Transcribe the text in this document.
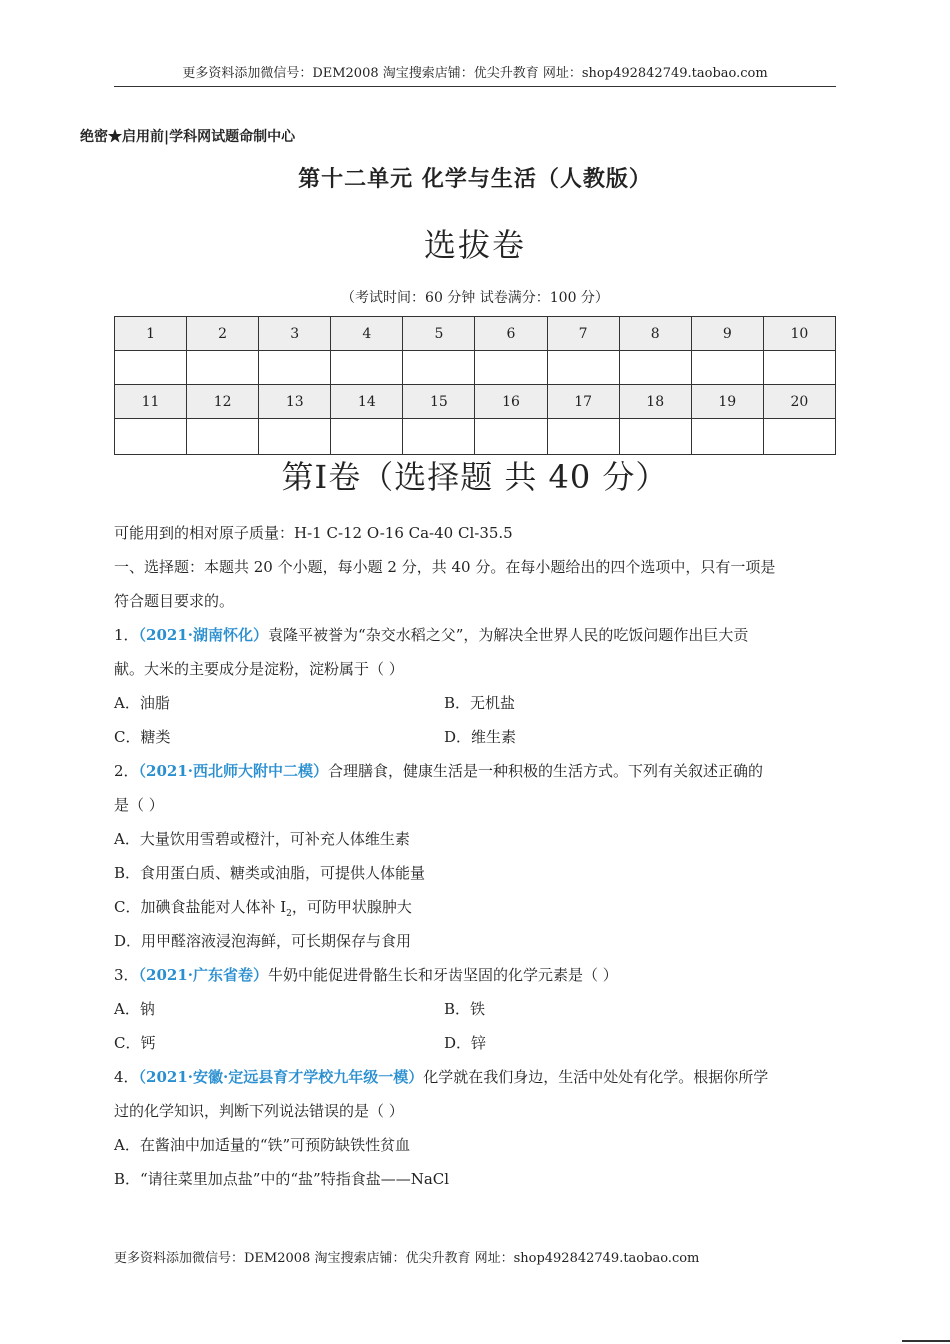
更多资料添加微信号：DEM2008 淘宝搜索店铺：优尖升教育 网址：shop492842749.taobao.com
绝密★启用前|学科网试题命制中心
第十二单元 化学与生活（人教版）
选拔卷
（考试时间：60 分钟 试卷满分：100 分）
1	2	3	4	5	6	7	8	9	10

11	12	13	14	15	16	17	18	19	20

第Ⅰ卷（选择题 共 40 分）
可能用到的相对原子质量：H-1 C-12 O-16 Ca-40 Cl-35.5
一、选择题：本题共 20 个小题，每小题 2 分，共 40 分。在每小题给出的四个选项中，只有一项是
符合题目要求的。
1．（2021·湖南怀化）袁隆平被誉为“杂交水稻之父”，为解决全世界人民的吃饭问题作出巨大贡
献。大米的主要成分是淀粉，淀粉属于（ ）
A．油脂	B．无机盐
C．糖类	D．维生素
2．（2021·西北师大附中二模）合理膳食，健康生活是一种积极的生活方式。下列有关叙述正确的
是（ ）
A．大量饮用雪碧或橙汁，可补充人体维生素
B．食用蛋白质、糖类或油脂，可提供人体能量
C．加碘食盐能对人体补 $I_2$，可防甲状腺肿大
D．用甲醛溶液浸泡海鲜，可长期保存与食用
3．（2021·广东省卷）牛奶中能促进骨骼生长和牙齿坚固的化学元素是（ ）
A．钠	B．铁
C．钙	D．锌
4．（2021·安徽·定远县育才学校九年级一模）化学就在我们身边，生活中处处有化学。根据你所学
过的化学知识，判断下列说法错误的是（ ）
A．在酱油中加适量的“铁”可预防缺铁性贫血
B．“请往菜里加点盐”中的“盐”特指食盐——NaCl
更多资料添加微信号：DEM2008 淘宝搜索店铺：优尖升教育 网址：shop492842749.taobao.com
